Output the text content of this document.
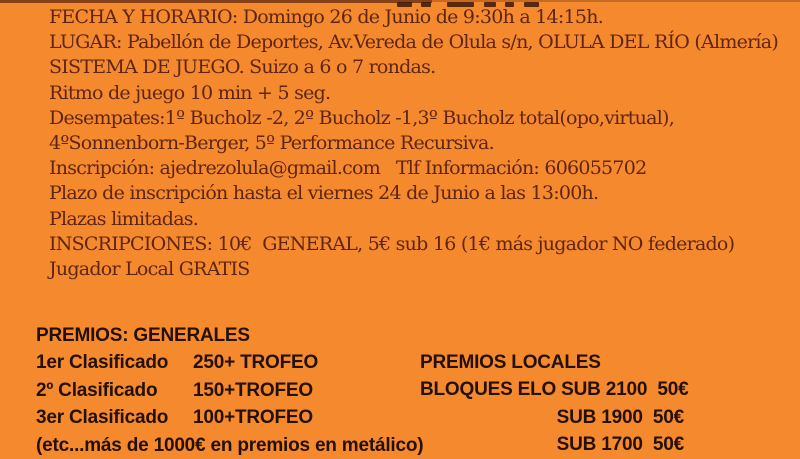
FECHA Y HORARIO: Domingo 26 de Junio de 9:30h a 14:15h.
LUGAR: Pabellón de Deportes, Av.Vereda de Olula s/n, OLULA DEL RÍO (Almería)
SISTEMA DE JUEGO. Suizo a 6 o 7 rondas.
Ritmo de juego 10 min + 5 seg.
Desempates:1º Bucholz -2, 2º Bucholz -1,3º Bucholz total(opo,virtual),
4ºSonnenborn-Berger, 5º Performance Recursiva.
Inscripción: ajedrezolula@gmail.com   Tlf Información: 606055702
Plazo de inscripción hasta el viernes 24 de Junio a las 13:00h.
Plazas limitadas.
INSCRIPCIONES: 10€  GENERAL, 5€ sub 16 (1€ más jugador NO federado)
Jugador Local GRATIS
PREMIOS: GENERALES
1er Clasificado	250+ TROFEO
2º Clasificado	150+TROFEO
3er Clasificado	100+TROFEO
(etc...más de 1000€ en premios en metálico)
PREMIOS LOCALES
BLOQUES ELO SUB 2100  50€
SUB 1900  50€
SUB 1700  50€
